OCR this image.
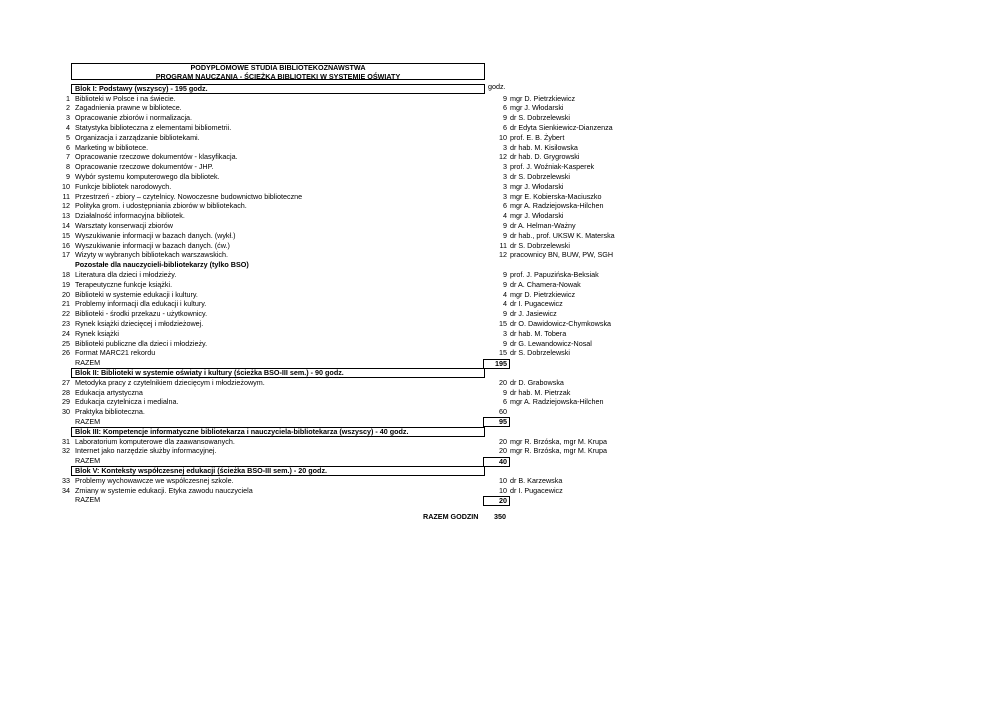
PODYPLOMOWE STUDIA BIBLIOTEKOZNAWSTWA
PROGRAM NAUCZANIA - ŚCIEŻKA BIBLIOTEKI W SYSTEMIE OŚWIATY
godz.
Blok I: Podstawy (wszyscy) - 195 godz.
1 Biblioteki w Polsce i na świecie.	9 mgr D. Pietrzkiewicz
2 Zagadnienia prawne w bibliotece.	6 mgr J. Włodarski
3 Opracowanie zbiorów i normalizacja.	9 dr S. Dobrzelewski
4 Statystyka biblioteczna z elementami bibliometrii.	6 dr Edyta Sienkiewicz-Dianzenza
5 Organizacja i zarządzanie bibliotekami.	10 prof. E. B. Żybert
6 Marketing w bibliotece.	3 dr hab. M. Kisilowska
7 Opracowanie rzeczowe dokumentów - klasyfikacja.	12 dr hab. D. Grygrowski
8 Opracowanie rzeczowe dokumentów - JHP.	3 prof. J. Woźniak-Kasperek
9 Wybór systemu komputerowego dla bibliotek.	3 dr S. Dobrzelewski
10 Funkcje bibliotek narodowych.	3 mgr J. Włodarski
11 Przestrzeń - zbiory – czytelnicy. Nowoczesne budownictwo biblioteczne	3 mgr E. Kobierska-Maciuszko
12 Polityka grom. i udostępniania zbiorów w bibliotekach.	6 mgr A. Radziejowska-Hilchen
13 Działalność informacyjna bibliotek.	4 mgr J. Włodarski
14 Warsztaty konserwacji zbiorów	9 dr A. Helman-Ważny
15 Wyszukiwanie informacji w bazach danych. (wykł.)	9 dr hab., prof. UKSW K. Materska
16 Wyszukiwanie informacji w bazach danych. (ćw.)	11 dr S. Dobrzelewski
17 Wizyty w wybranych bibliotekach warszawskich.	12 pracownicy BN, BUW, PW, SGH
Pozostałe dla nauczycieli-bibliotekarzy (tylko BSO)
18 Literatura dla dzieci i młodzieży.	9 prof. J. Papuzińska-Beksiak
19 Terapeutyczne funkcje książki.	9 dr A. Chamera-Nowak
20 Biblioteki w systemie edukacji i kultury.	4 mgr D. Pietrzkiewicz
21 Problemy informacji dla edukacji i kultury.	4 dr I. Pugacewicz
22 Biblioteki - środki przekazu - użytkownicy.	9 dr J. Jasiewicz
23 Rynek książki dziecięcej i młodzieżowej.	15 dr O. Dawidowicz-Chymkowska
24 Rynek książki	3 dr hab. M. Tobera
25 Biblioteki publiczne dla dzieci i młodzieży.	9 dr G. Lewandowicz-Nosal
26 Format MARC21 rekordu	15 dr S. Dobrzelewski
RAZEM	195
Blok II: Biblioteki w systemie oświaty i kultury (ścieżka BSO-III sem.) - 90 godz.
27 Metodyka pracy z czytelnikiem dziecięcym i młodzieżowym.	20 dr D. Grabowska
28 Edukacja artystyczna	9 dr hab. M. Pietrzak
29 Edukacja czytelnicza i medialna.	6 mgr A. Radziejowska-Hilchen
30 Praktyka biblioteczna.	60
RAZEM	95
Blok III: Kompetencje informatyczne bibliotekarza i nauczyciela-bibliotekarza (wszyscy) - 40 godz.
31 Laboratorium komputerowe dla zaawansowanych.	20 mgr R. Brzóska, mgr M. Krupa
32 Internet jako narzędzie służby informacyjnej.	20 mgr R. Brzóska, mgr M. Krupa
RAZEM	40
Blok V: Konteksty współczesnej edukacji (ścieżka BSO-III sem.) - 20 godz.
33 Problemy wychowawcze we współczesnej szkole.	10 dr B. Karzewska
34 Zmiany w systemie edukacji. Etyka zawodu nauczyciela	10 dr I. Pugacewicz
RAZEM	20
RAZEM GODZIN 350
